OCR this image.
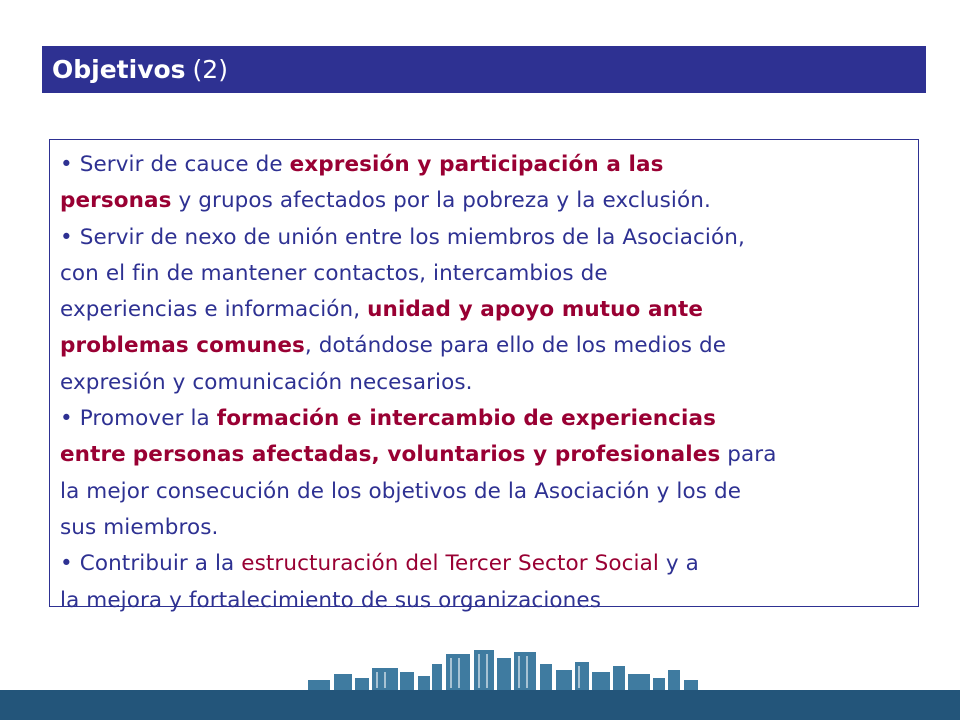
Objetivos (2)

• Servir de cauce de expresión y participación a las
personas y grupos afectados por la pobreza y la exclusión.
• Servir de nexo de unión entre los miembros de la Asociación,
con el fin de mantener contactos, intercambios de
experiencias e información, unidad y apoyo mutuo ante
problemas comunes, dotándose para ello de los medios de
expresión y comunicación necesarios.
• Promover la formación e intercambio de experiencias
entre personas afectadas, voluntarios y profesionales para
la mejor consecución de los objetivos de la Asociación y los de
sus miembros.
• Contribuir a la estructuración del Tercer Sector Social y a
la mejora y fortalecimiento de sus organizaciones
